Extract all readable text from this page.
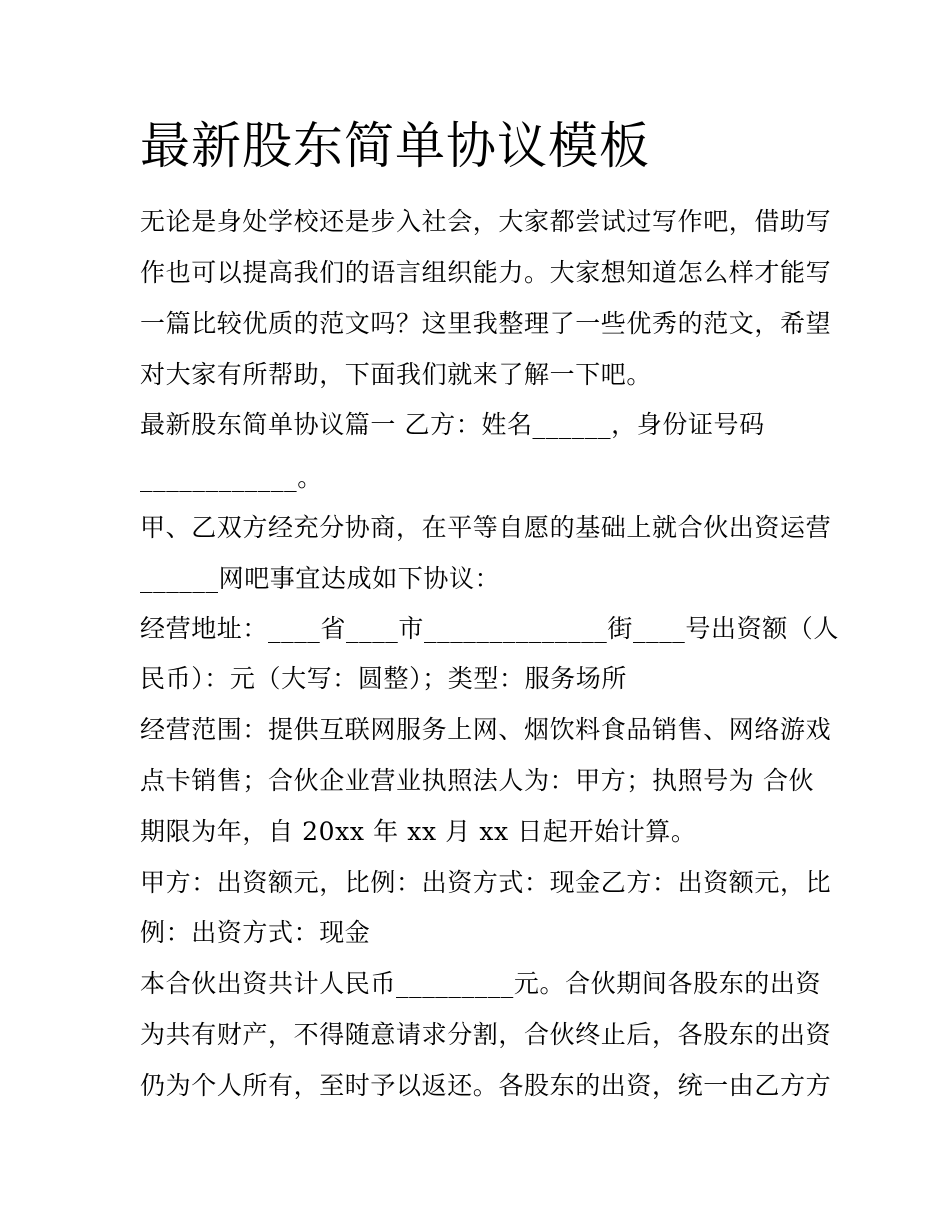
最新股东简单协议模板
无论是身处学校还是步入社会，大家都尝试过写作吧，借助写
作也可以提高我们的语言组织能力。大家想知道怎么样才能写
一篇比较优质的范文吗？这里我整理了一些优秀的范文，希望
对大家有所帮助，下面我们就来了解一下吧。
最新股东简单协议篇一 乙方：姓名______，身份证号码
____________。
甲、乙双方经充分协商，在平等自愿的基础上就合伙出资运营
______网吧事宜达成如下协议：
经营地址：____省____市______________街____号出资额（人
民币）：元（大写：圆整）；类型：服务场所
经营范围：提供互联网服务上网、烟饮料食品销售、网络游戏
点卡销售；合伙企业营业执照法人为：甲方；执照号为 合伙
期限为年，自 20xx 年 xx 月 xx 日起开始计算。
甲方：出资额元，比例：出资方式：现金乙方：出资额元，比
例：出资方式：现金
本合伙出资共计人民币_________元。合伙期间各股东的出资
为共有财产，不得随意请求分割，合伙终止后，各股东的出资
仍为个人所有，至时予以返还。各股东的出资，统一由乙方方
